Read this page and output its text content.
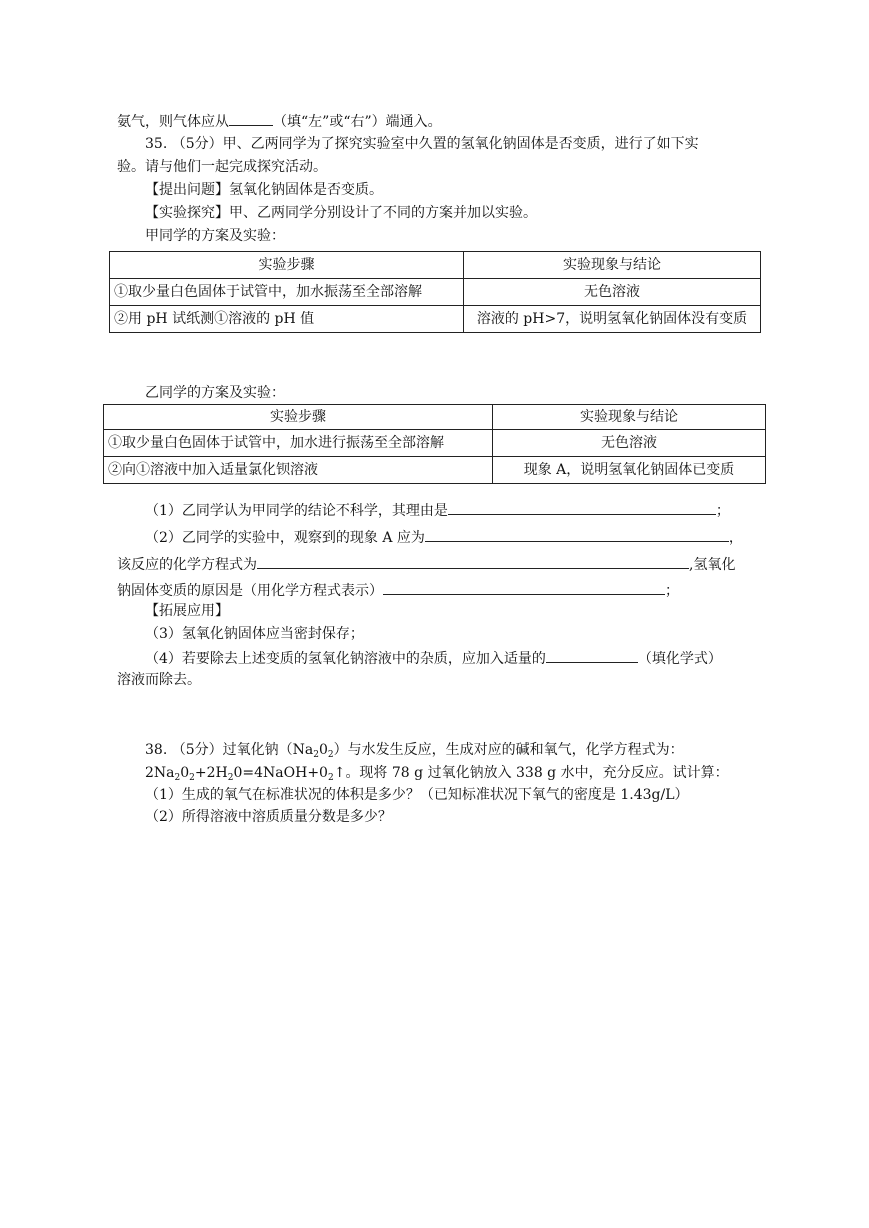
氨气，则气体应从	（填“左”或“右”）端通入。
35. （5分）甲、乙两同学为了探究实验室中久置的氢氧化钠固体是否变质，进行了如下实
验。请与他们一起完成探究活动。
【提出问题】氢氧化钠固体是否变质。
【实验探究】甲、乙两同学分别设计了不同的方案并加以实验。
甲同学的方案及实验：
实验步骤	实验现象与结论
①取少量白色固体于试管中，加水振荡至全部溶解	无色溶液
②用 pH 试纸测①溶液的 pH 值	溶液的 pH>7，说明氢氧化钠固体没有变质
乙同学的方案及实验：
实验步骤	实验现象与结论
①取少量白色固体于试管中，加水进行振荡至全部溶解	无色溶液
②向①溶液中加入适量氯化钡溶液	现象 A，说明氢氧化钠固体已变质
（1）乙同学认为甲同学的结论不科学，其理由是	；
（2）乙同学的实验中，观察到的现象 A 应为	，
该反应的化学方程式为	,氢氧化
钠固体变质的原因是（用化学方程式表示）	；
【拓展应用】
（3）氢氧化钠固体应当密封保存；
（4）若要除去上述变质的氢氧化钠溶液中的杂质，应加入适量的	（填化学式）
溶液而除去。
38. （5分）过氧化钠$(Na_20_2)$与水发生反应，生成对应的碱和氧气，化学方程式为：
$2Na_20_2+2H_20=4NaOH+0_2↑$。现将 78 g 过氧化钠放入 338 g 水中，充分反应。试计算：
（1）生成的氧气在标准状况的体积是多少？（已知标准状况下氧气的密度是 1.43g/L）
（2）所得溶液中溶质质量分数是多少？
